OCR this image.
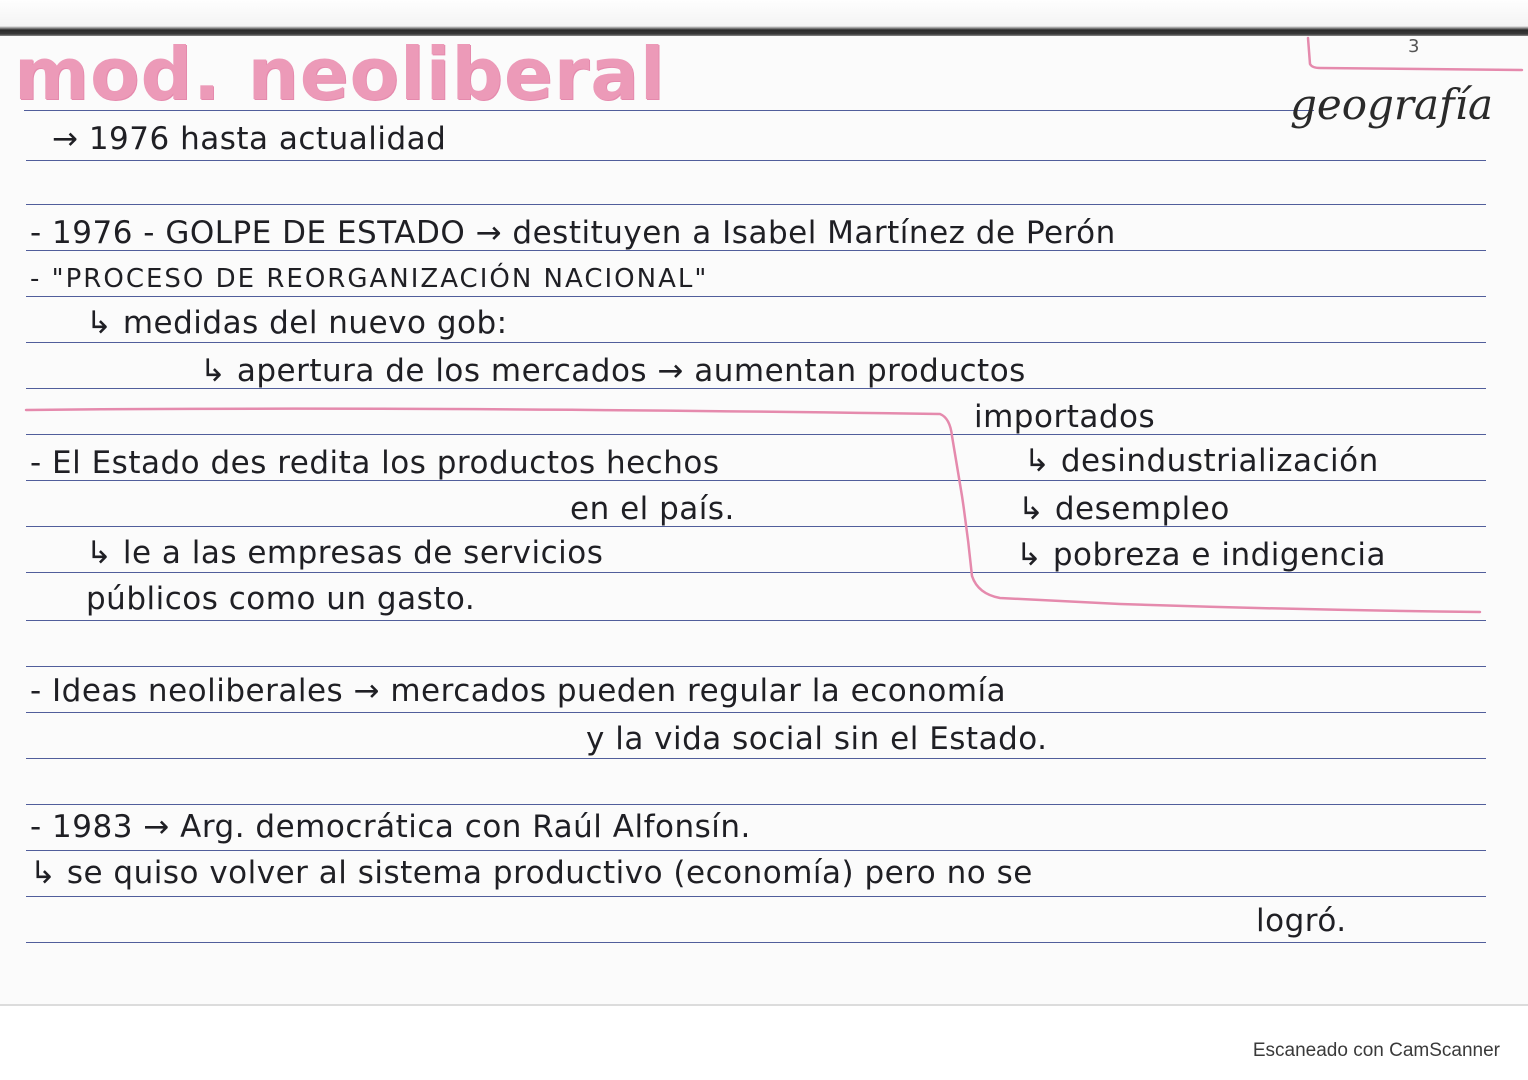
mod. neoliberal	3
geografía
→ 1976 hasta actualidad
- 1976 - GOLPE DE ESTADO → destituyen a Isabel Martínez de Perón
- "PROCESO DE REORGANIZACIÓN NACIONAL"
↳ medidas del nuevo gob:
↳ apertura de los mercados → aumentan productos
importados
↳ desindustrialización
↳ desempleo
↳ pobreza e indigencia
- El Estado des redita los productos hechos
en el país.
↳ le a las empresas de servicios
públicos como un gasto.
- Ideas neoliberales → mercados pueden regular la economía
y la vida social sin el Estado.
- 1983 → Arg. democrática con Raúl Alfonsín.
↳ se quiso volver al sistema productivo (economía) pero no se
logró.
Escaneado con CamScanner
